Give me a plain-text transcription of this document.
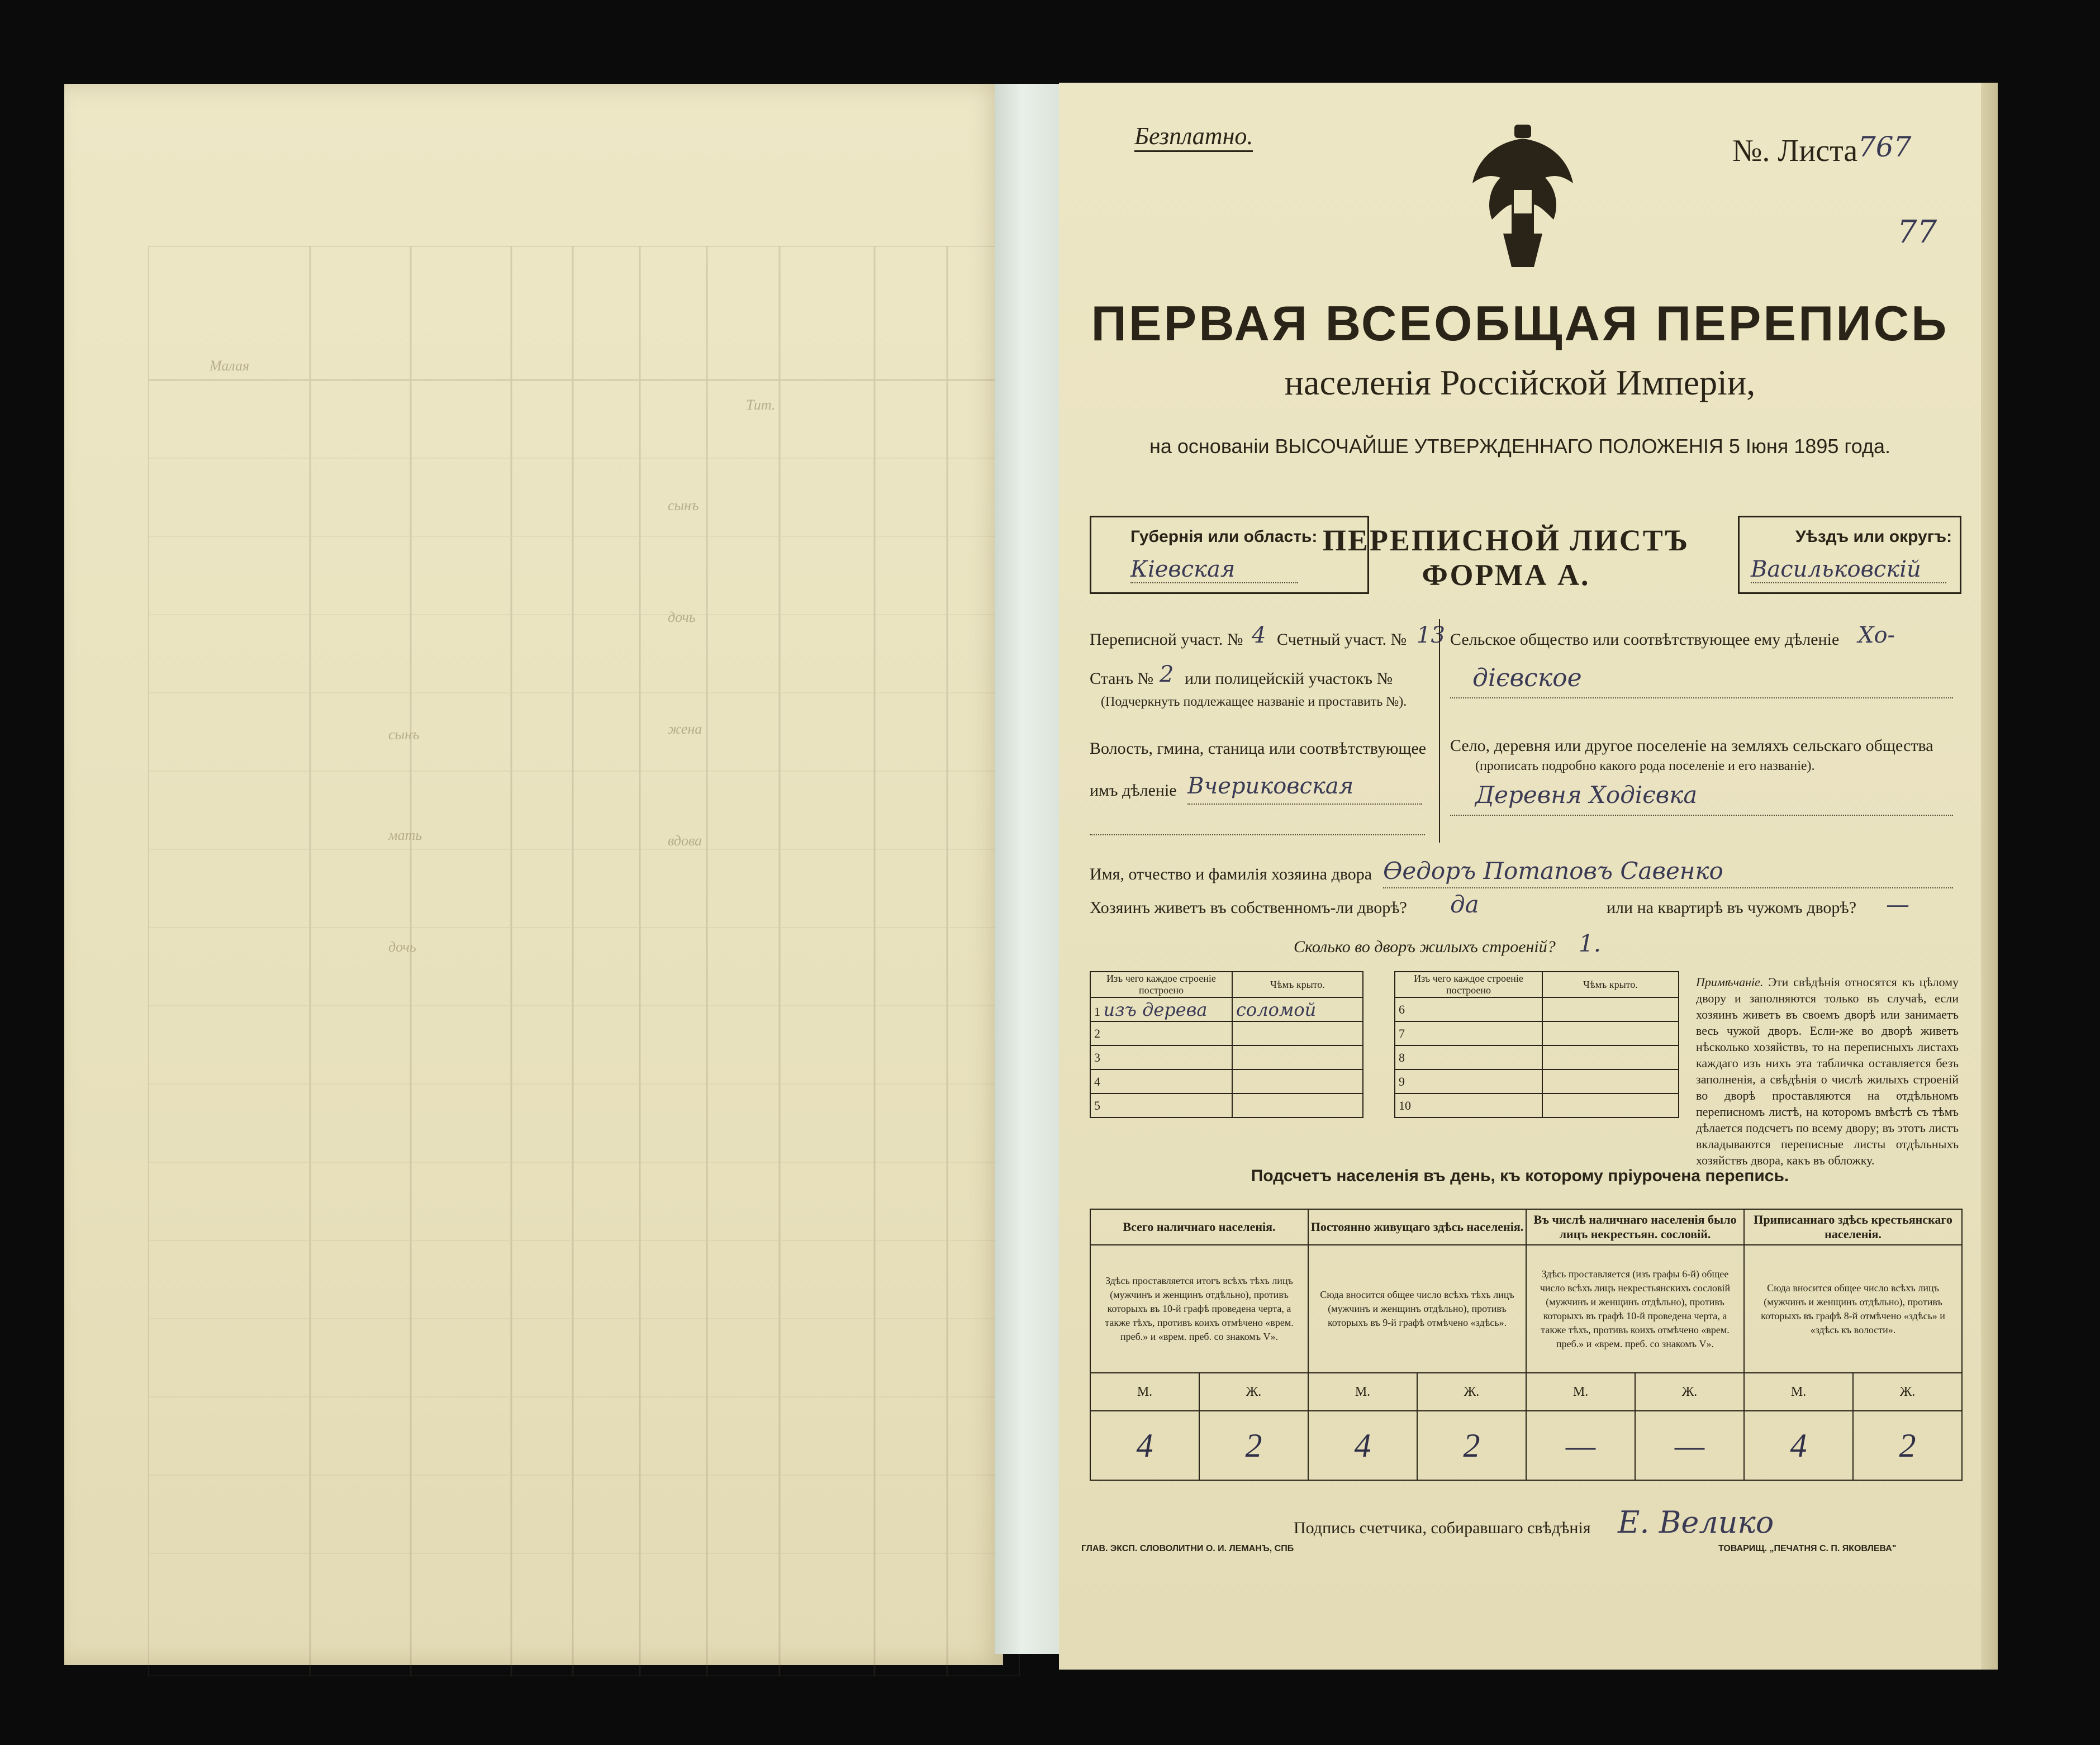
Малая
Тит.
сынъ
дочь
жена
вдова
сынъ
мать
дочь
Безплатно.	№. Листа 767
77
ПЕРВАЯ ВСЕОБЩАЯ ПЕРЕПИСЬ
населенія Россійской Имперіи,
на основаніи ВЫСОЧАЙШЕ УТВЕРЖДЕННАГО ПОЛОЖЕНІЯ 5 Іюня 1895 года.
Губернія или область:
Кіевская
ПЕРЕПИСНОЙ ЛИСТЪ
ФОРМА А.
Уѣздъ или округъ:
Васильковскій
Переписной участ. № 4 Счетный участ. № 13
Станъ № 2 или полицейскій участокъ №
(Подчеркнуть подлежащее названіе и проставить №).
Волость, гмина, станица или соотвѣтствующее
имъ дѣленіе Вчериковская
Сельское общество или соотвѣтствующее ему дѣленіе Хо-
дієвское
Село, деревня или другое поселеніе на земляхъ сельскаго общества
(прописать подробно какого рода поселеніе и его названіе).
Деревня Ходієвка
Имя, отчество и фамилія хозяина двора Ѳедоръ Потаповъ Савенко
Хозяинъ живетъ въ собственномъ-ли дворѣ? да	или на квартирѣ въ чужомъ дворѣ? —
Сколько во дворъ жилыхъ строеній? 1.
Изъ чего каждое строеніе построено	Чѣмъ крыто.
1 изъ дерева	соломой
2	
3	
4	
5	
Изъ чего каждое строеніе построено	Чѣмъ крыто.
6	
7	
8	
9	
10	
Примѣчаніе. Эти свѣдѣнія относятся къ цѣлому двору и заполняются только въ случаѣ, если хозяинъ живетъ въ своемъ дворѣ или занимаетъ весь чужой дворъ. Если-же во дворѣ живетъ нѣсколько хозяйствъ, то на переписныхъ листахъ каждаго изъ нихъ эта табличка оставляется безъ заполненія, а свѣдѣнія о числѣ жилыхъ строеній во дворѣ проставляются на отдѣльномъ переписномъ листѣ, на которомъ вмѣстѣ съ тѣмъ дѣлается подсчетъ по всему двору; въ этотъ листъ вкладываются переписные листы отдѣльныхъ хозяйствъ двора, какъ въ обложку.
Подсчетъ населенія въ день, къ которому пріурочена перепись.
Всего наличнаго населенія.		Постоянно живущаго здѣсь населенія.		Въ числѣ наличнаго населенія было лицъ некрестьян. сословій.		Приписаннаго здѣсь крестьянскаго населенія.	
Здѣсь проставляется итогъ всѣхъ тѣхъ лицъ (мужчинъ и женщинъ отдѣльно), противъ которыхъ въ 10-й графѣ проведена черта, а также тѣхъ, противъ коихъ отмѣчено «врем. преб.» и «врем. преб. со знакомъ V».		Сюда вносится общее число всѣхъ тѣхъ лицъ (мужчинъ и женщинъ отдѣльно), противъ которыхъ въ 9-й графѣ отмѣчено «здѣсь».		Здѣсь проставляется (изъ графы 6-й) общее число всѣхъ лицъ некрестьянскихъ сословій (мужчинъ и женщинъ отдѣльно), противъ которыхъ въ графѣ 10-й проведена черта, а также тѣхъ, противъ коихъ отмѣчено «врем. преб.» и «врем. преб. со знакомъ V».		Сюда вносится общее число всѣхъ лицъ (мужчинъ и женщинъ отдѣльно), противъ которыхъ въ графѣ 8-й отмѣчено «здѣсь» и «здѣсь къ волости».	
М.	Ж.	М.	Ж.	М.	Ж.	М.	Ж.
4	2	4	2	—	—	4	2
Подпись счетчика, собиравшаго свѣдѣнія Е. Велико
ГЛАВ. ЭКСП. СЛОВОЛИТНИ О. И. ЛЕМАНЪ, СПБ	ТОВАРИЩ. „ПЕЧАТНЯ С. П. ЯКОВЛЕВА"
